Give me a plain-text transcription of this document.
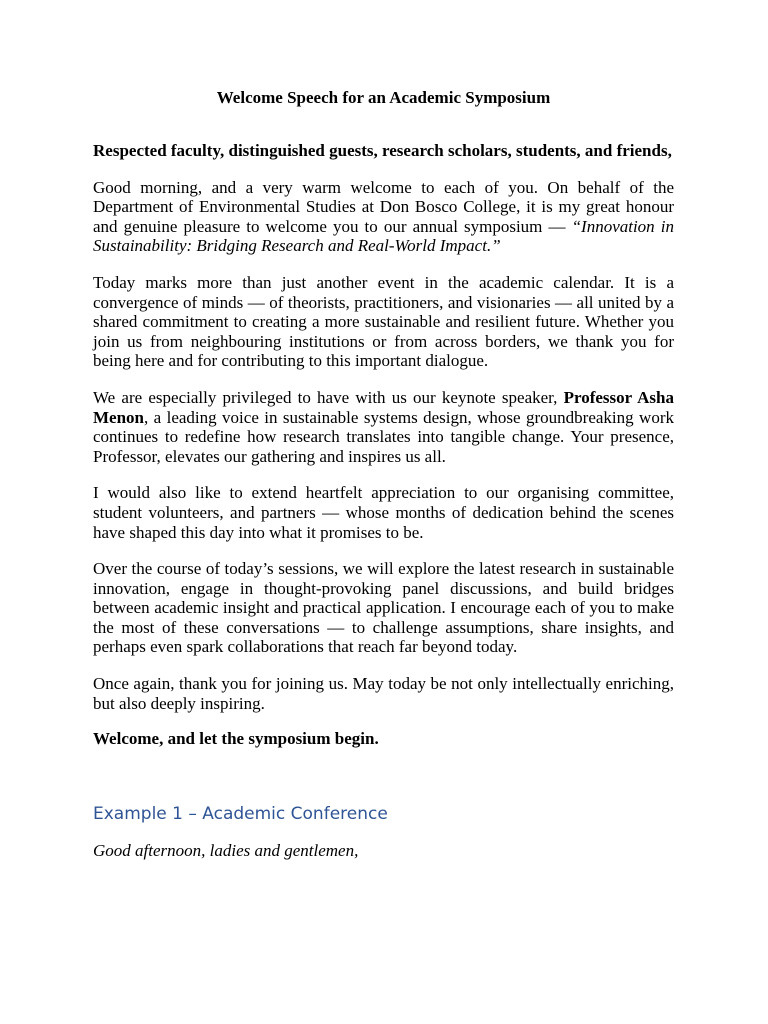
Welcome Speech for an Academic Symposium

Respected faculty, distinguished guests, research scholars, students, and friends,

Good morning, and a very warm welcome to each of you. On behalf of the Department of Environmental Studies at Don Bosco College, it is my great honour and genuine pleasure to welcome you to our annual symposium — “Innovation in Sustainability: Bridging Research and Real-World Impact.”

Today marks more than just another event in the academic calendar. It is a convergence of minds — of theorists, practitioners, and visionaries — all united by a shared commitment to creating a more sustainable and resilient future. Whether you join us from neighbouring institutions or from across borders, we thank you for being here and for contributing to this important dialogue.

We are especially privileged to have with us our keynote speaker, Professor Asha Menon, a leading voice in sustainable systems design, whose groundbreaking work continues to redefine how research translates into tangible change. Your presence, Professor, elevates our gathering and inspires us all.

I would also like to extend heartfelt appreciation to our organising committee, student volunteers, and partners — whose months of dedication behind the scenes have shaped this day into what it promises to be.

Over the course of today’s sessions, we will explore the latest research in sustainable innovation, engage in thought-provoking panel discussions, and build bridges between academic insight and practical application. I encourage each of you to make the most of these conversations — to challenge assumptions, share insights, and perhaps even spark collaborations that reach far beyond today.

Once again, thank you for joining us. May today be not only intellectually enriching, but also deeply inspiring.

Welcome, and let the symposium begin.

Example 1 – Academic Conference

Good afternoon, ladies and gentlemen,
